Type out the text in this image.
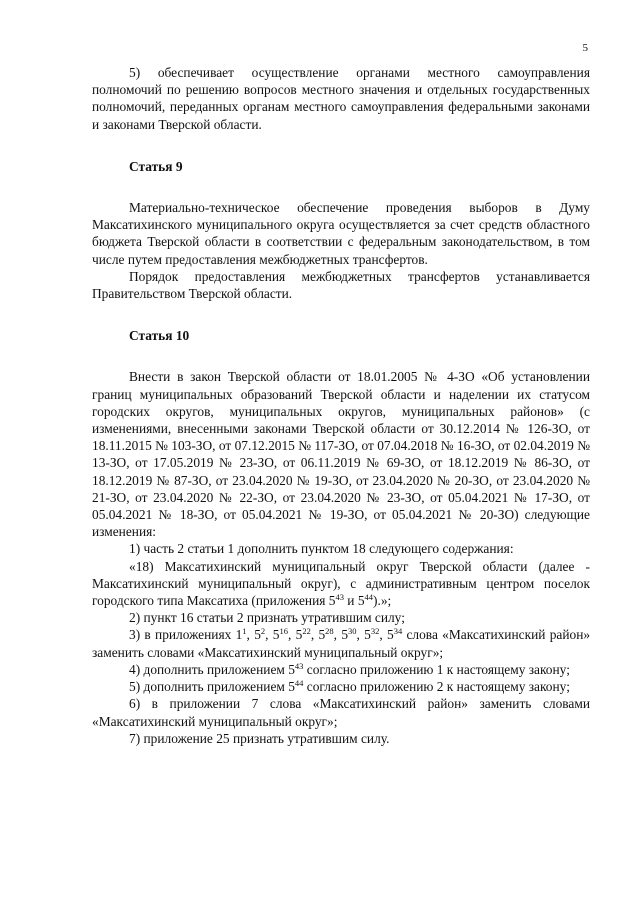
5

5) обеспечивает осуществление органами местного самоуправления полномочий по решению вопросов местного значения и отдельных государственных полномочий, переданных органам местного самоуправления федеральными законами и законами Тверской области.

Статья 9

Материально-техническое обеспечение проведения выборов в Думу Максатихинского муниципального округа осуществляется за счет средств областного бюджета Тверской области в соответствии с федеральным законодательством, в том числе путем предоставления межбюджетных трансфертов.

Порядок предоставления межбюджетных трансфертов устанавливается Правительством Тверской области.

Статья 10

Внести в закон Тверской области от 18.01.2005 № 4-ЗО «Об установлении границ муниципальных образований Тверской области и наделении их статусом городских округов, муниципальных округов, муниципальных районов» (с изменениями, внесенными законами Тверской области от 30.12.2014 № 126-ЗО, от 18.11.2015 № 103-ЗО, от 07.12.2015 № 117-ЗО, от 07.04.2018 № 16-ЗО, от 02.04.2019 № 13-ЗО, от 17.05.2019 № 23-ЗО, от 06.11.2019 № 69-ЗО, от 18.12.2019 № 86-ЗО, от 18.12.2019 № 87-ЗО, от 23.04.2020 № 19-ЗО, от 23.04.2020 № 20-ЗО, от 23.04.2020 № 21-ЗО, от 23.04.2020 № 22-ЗО, от 23.04.2020 № 23-ЗО, от 05.04.2021 № 17-ЗО, от 05.04.2021 № 18-ЗО, от 05.04.2021 № 19-ЗО, от 05.04.2021 № 20-ЗО) следующие изменения:

1) часть 2 статьи 1 дополнить пунктом 18 следующего содержания:

«18) Максатихинский муниципальный округ Тверской области (далее - Максатихинский муниципальный округ), с административным центром поселок городского типа Максатиха (приложения $5^{43}$ и $5^{44}$).»;

2) пункт 16 статьи 2 признать утратившим силу;

3) в приложениях $1^1$, $5^2$, $5^{16}$, $5^{22}$, $5^{28}$, $5^{30}$, $5^{32}$, $5^{34}$ слова «Максатихинский район» заменить словами «Максатихинский муниципальный округ»;

4) дополнить приложением $5^{43}$ согласно приложению 1 к настоящему закону;

5) дополнить приложением $5^{44}$ согласно приложению 2 к настоящему закону;

6) в приложении 7 слова «Максатихинский район» заменить словами «Максатихинский муниципальный округ»;

7) приложение 25 признать утратившим силу.
